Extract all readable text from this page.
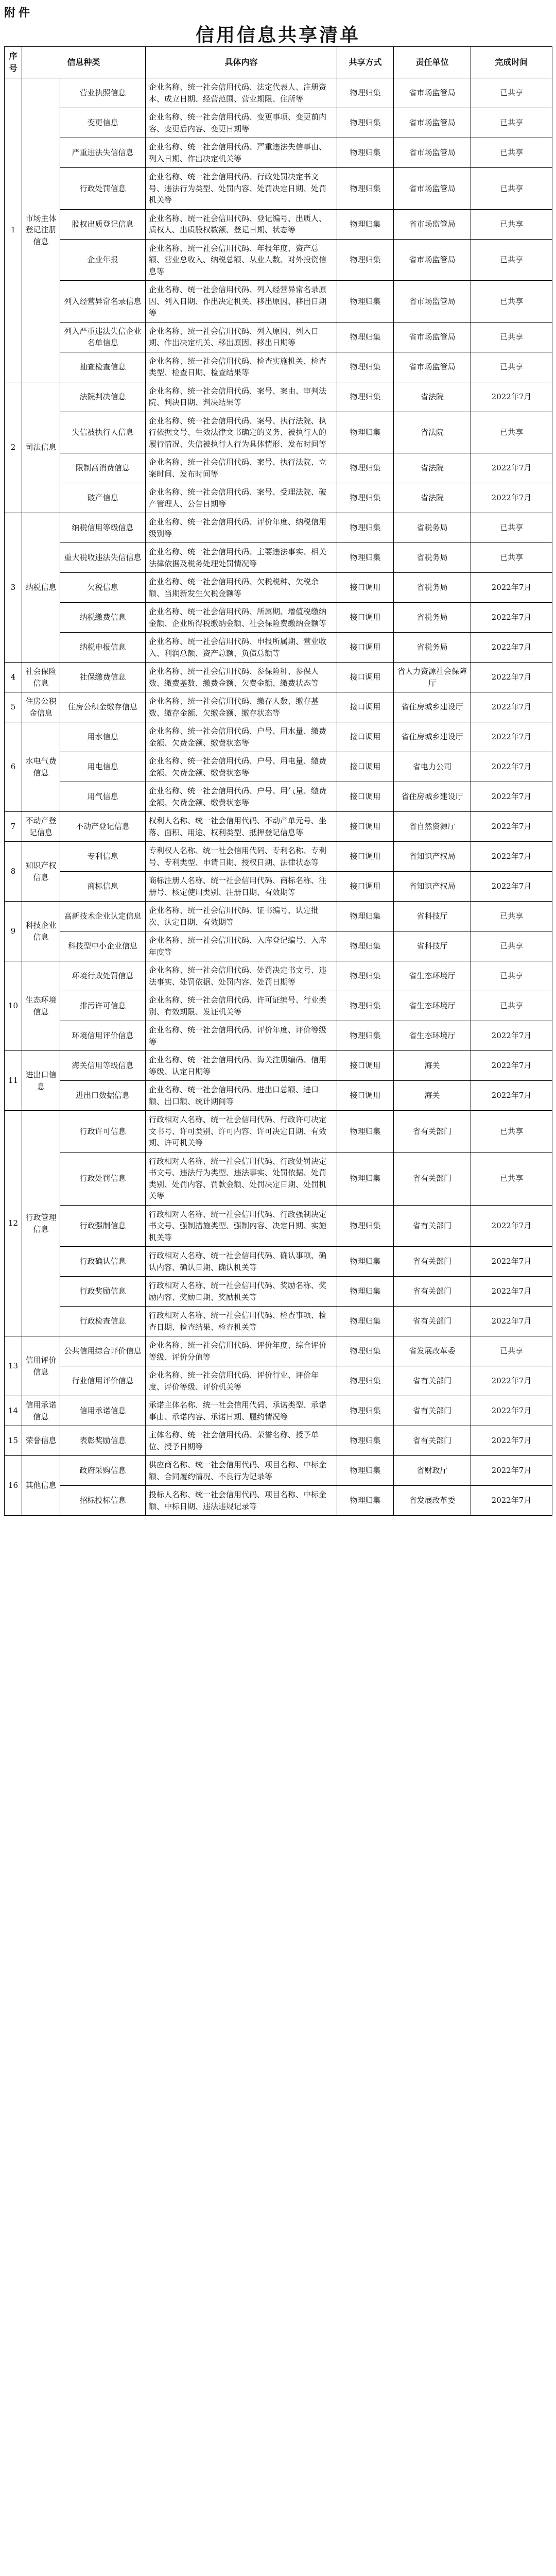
附件
信用信息共享清单
序号	信息种类		具体内容	共享方式	责任单位	完成时间
1	市场主体登记注册信息	营业执照信息	企业名称、统一社会信用代码、法定代表人、注册资本、成立日期、经营范围、营业期限、住所等	物理归集	省市场监管局	已共享
		变更信息	企业名称、统一社会信用代码、变更事项、变更前内容、变更后内容、变更日期等	物理归集	省市场监管局	已共享
		严重违法失信信息	企业名称、统一社会信用代码、严重违法失信事由、列入日期、作出决定机关等	物理归集	省市场监管局	已共享
		行政处罚信息	企业名称、统一社会信用代码、行政处罚决定书文号、违法行为类型、处罚内容、处罚决定日期、处罚机关等	物理归集	省市场监管局	已共享
		股权出质登记信息	企业名称、统一社会信用代码、登记编号、出质人、质权人、出质股权数额、登记日期、状态等	物理归集	省市场监管局	已共享
		企业年报	企业名称、统一社会信用代码、年报年度、资产总额、营业总收入、纳税总额、从业人数、对外投资信息等	物理归集	省市场监管局	已共享
		列入经营异常名录信息	企业名称、统一社会信用代码、列入经营异常名录原因、列入日期、作出决定机关、移出原因、移出日期等	物理归集	省市场监管局	已共享
		列入严重违法失信企业名单信息	企业名称、统一社会信用代码、列入原因、列入日期、作出决定机关、移出原因、移出日期等	物理归集	省市场监管局	已共享
		抽查检查信息	企业名称、统一社会信用代码、检查实施机关、检查类型、检查日期、检查结果等	物理归集	省市场监管局	已共享
2	司法信息	法院判决信息	企业名称、统一社会信用代码、案号、案由、审判法院、判决日期、判决结果等	物理归集	省法院	2022年7月
		失信被执行人信息	企业名称、统一社会信用代码、案号、执行法院、执行依据文号、生效法律文书确定的义务、被执行人的履行情况、失信被执行人行为具体情形、发布时间等	物理归集	省法院	已共享
		限制高消费信息	企业名称、统一社会信用代码、案号、执行法院、立案时间、发布时间等	物理归集	省法院	2022年7月
		破产信息	企业名称、统一社会信用代码、案号、受理法院、破产管理人、公告日期等	物理归集	省法院	2022年7月
3	纳税信息	纳税信用等级信息	企业名称、统一社会信用代码、评价年度、纳税信用级别等	物理归集	省税务局	已共享
		重大税收违法失信信息	企业名称、统一社会信用代码、主要违法事实、相关法律依据及税务处理处罚情况等	物理归集	省税务局	已共享
		欠税信息	企业名称、统一社会信用代码、欠税税种、欠税余额、当期新发生欠税金额等	接口调用	省税务局	2022年7月
		纳税缴费信息	企业名称、统一社会信用代码、所属期、增值税缴纳金额、企业所得税缴纳金额、社会保险费缴纳金额等	接口调用	省税务局	2022年7月
		纳税申报信息	企业名称、统一社会信用代码、申报所属期、营业收入、利润总额、资产总额、负债总额等	接口调用	省税务局	2022年7月
4	社会保险信息	社保缴费信息	企业名称、统一社会信用代码、参保险种、参保人数、缴费基数、缴费金额、欠费金额、缴费状态等	接口调用	省人力资源社会保障厅	2022年7月
5	住房公积金信息	住房公积金缴存信息	企业名称、统一社会信用代码、缴存人数、缴存基数、缴存金额、欠缴金额、缴存状态等	接口调用	省住房城乡建设厅	2022年7月
6	水电气费信息	用水信息	企业名称、统一社会信用代码、户号、用水量、缴费金额、欠费金额、缴费状态等	接口调用	省住房城乡建设厅	2022年7月
		用电信息	企业名称、统一社会信用代码、户号、用电量、缴费金额、欠费金额、缴费状态等	接口调用	省电力公司	2022年7月
		用气信息	企业名称、统一社会信用代码、户号、用气量、缴费金额、欠费金额、缴费状态等	接口调用	省住房城乡建设厅	2022年7月
7	不动产登记信息	不动产登记信息	权利人名称、统一社会信用代码、不动产单元号、坐落、面积、用途、权利类型、抵押登记信息等	接口调用	省自然资源厅	2022年7月
8	知识产权信息	专利信息	专利权人名称、统一社会信用代码、专利名称、专利号、专利类型、申请日期、授权日期、法律状态等	接口调用	省知识产权局	2022年7月
		商标信息	商标注册人名称、统一社会信用代码、商标名称、注册号、核定使用类别、注册日期、有效期等	接口调用	省知识产权局	2022年7月
9	科技企业信息	高新技术企业认定信息	企业名称、统一社会信用代码、证书编号、认定批次、认定日期、有效期等	物理归集	省科技厅	已共享
		科技型中小企业信息	企业名称、统一社会信用代码、入库登记编号、入库年度等	物理归集	省科技厅	已共享
10	生态环境信息	环境行政处罚信息	企业名称、统一社会信用代码、处罚决定书文号、违法事实、处罚依据、处罚内容、处罚日期等	物理归集	省生态环境厅	已共享
		排污许可信息	企业名称、统一社会信用代码、许可证编号、行业类别、有效期限、发证机关等	物理归集	省生态环境厅	已共享
		环境信用评价信息	企业名称、统一社会信用代码、评价年度、评价等级等	物理归集	省生态环境厅	2022年7月
11	进出口信息	海关信用等级信息	企业名称、统一社会信用代码、海关注册编码、信用等级、认定日期等	接口调用	海关	2022年7月
		进出口数据信息	企业名称、统一社会信用代码、进出口总额、进口额、出口额、统计期间等	接口调用	海关	2022年7月
12	行政管理信息	行政许可信息	行政相对人名称、统一社会信用代码、行政许可决定文书号、许可类别、许可内容、许可决定日期、有效期、许可机关等	物理归集	省有关部门	已共享
		行政处罚信息	行政相对人名称、统一社会信用代码、行政处罚决定书文号、违法行为类型、违法事实、处罚依据、处罚类别、处罚内容、罚款金额、处罚决定日期、处罚机关等	物理归集	省有关部门	已共享
		行政强制信息	行政相对人名称、统一社会信用代码、行政强制决定书文号、强制措施类型、强制内容、决定日期、实施机关等	物理归集	省有关部门	2022年7月
		行政确认信息	行政相对人名称、统一社会信用代码、确认事项、确认内容、确认日期、确认机关等	物理归集	省有关部门	2022年7月
		行政奖励信息	行政相对人名称、统一社会信用代码、奖励名称、奖励内容、奖励日期、奖励机关等	物理归集	省有关部门	2022年7月
		行政检查信息	行政相对人名称、统一社会信用代码、检查事项、检查日期、检查结果、检查机关等	物理归集	省有关部门	2022年7月
13	信用评价信息	公共信用综合评价信息	企业名称、统一社会信用代码、评价年度、综合评价等级、评价分值等	物理归集	省发展改革委	已共享
		行业信用评价信息	企业名称、统一社会信用代码、评价行业、评价年度、评价等级、评价机关等	物理归集	省有关部门	2022年7月
14	信用承诺信息	信用承诺信息	承诺主体名称、统一社会信用代码、承诺类型、承诺事由、承诺内容、承诺日期、履约情况等	物理归集	省有关部门	2022年7月
15	荣誉信息	表彰奖励信息	主体名称、统一社会信用代码、荣誉名称、授予单位、授予日期等	物理归集	省有关部门	2022年7月
16	其他信息	政府采购信息	供应商名称、统一社会信用代码、项目名称、中标金额、合同履约情况、不良行为记录等	物理归集	省财政厅	2022年7月
		招标投标信息	投标人名称、统一社会信用代码、项目名称、中标金额、中标日期、违法违规记录等	物理归集	省发展改革委	2022年7月
